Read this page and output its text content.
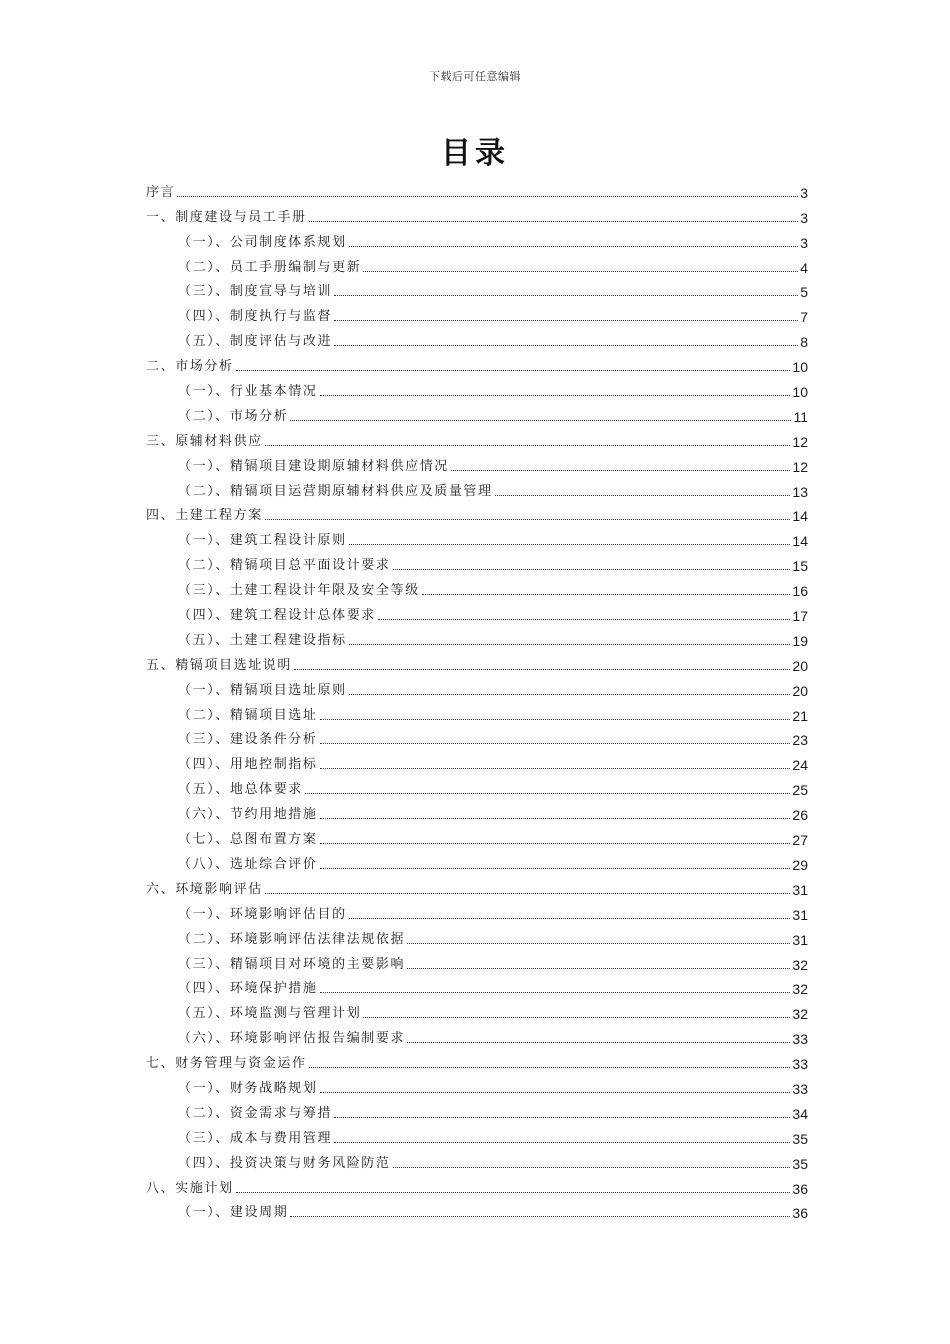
下载后可任意编辑
目录
序言	3
一、制度建设与员工手册	3
（一）、公司制度体系规划	3
（二）、员工手册编制与更新	4
（三）、制度宣导与培训	5
（四）、制度执行与监督	7
（五）、制度评估与改进	8
二、市场分析	10
（一）、行业基本情况	10
（二）、市场分析	11
三、原辅材料供应	12
（一）、精镉项目建设期原辅材料供应情况	12
（二）、精镉项目运营期原辅材料供应及质量管理	13
四、土建工程方案	14
（一）、建筑工程设计原则	14
（二）、精镉项目总平面设计要求	15
（三）、土建工程设计年限及安全等级	16
（四）、建筑工程设计总体要求	17
（五）、土建工程建设指标	19
五、精镉项目选址说明	20
（一）、精镉项目选址原则	20
（二）、精镉项目选址	21
（三）、建设条件分析	23
（四）、用地控制指标	24
（五）、地总体要求	25
（六）、节约用地措施	26
（七）、总图布置方案	27
（八）、选址综合评价	29
六、环境影响评估	31
（一）、环境影响评估目的	31
（二）、环境影响评估法律法规依据	31
（三）、精镉项目对环境的主要影响	32
（四）、环境保护措施	32
（五）、环境监测与管理计划	32
（六）、环境影响评估报告编制要求	33
七、财务管理与资金运作	33
（一）、财务战略规划	33
（二）、资金需求与筹措	34
（三）、成本与费用管理	35
（四）、投资决策与财务风险防范	35
八、实施计划	36
（一）、建设周期	36
